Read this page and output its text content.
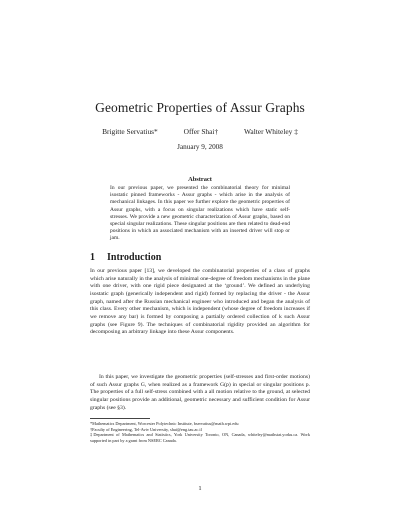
Geometric Properties of Assur Graphs
Brigitte Servatius*	Offer Shai†	Walter Whiteley ‡
January 9, 2008
Abstract
In our previous paper, we presented the combinatorial theory for minimal isostatic pinned frameworks - Assur graphs - which arise in the analysis of mechanical linkages. In this paper we further explore the geometric properties of Assur graphs, with a focus on singular realizations which have static self-stresses. We provide a new geometric characterization of Assur graphs, based on special singular realizations. These singular positions are then related to dead-end positions in which an associated mechanism with an inserted driver will stop or jam.
1 Introduction
In our previous paper [13], we developed the combinatorial properties of a class of graphs which arise naturally in the analysis of minimal one-degree of freedom mechanisms in the plane with one driver, with one rigid piece designated at the ‘ground’. We defined an underlying isostatic graph (generically independent and rigid) formed by replacing the driver - the Assur graph, named after the Russian mechanical engineer who introduced and began the analysis of this class. Every other mechanism, which is independent (whose degree of freedom increases if we remove any bar) is formed by composing a partially ordered collection of k such Assur graphs (see Figure 9). The techniques of combinatorial rigidity provided an algorithm for decomposing an arbitrary linkage into these Assur components.
In this paper, we investigate the geometric properties (self-stresses and first-order motions) of such Assur graphs G, when realized as a framework G(p) in special or singular positions p. The properties of a full self-stress combined with a all motion relative to the ground, at selected singular positions provide an additional, geometric necessary and sufficient condition for Assur graphs (see §3).
*Mathematics Department, Worcester Polytechnic Institute, bservatius@math.wpi.edu
†Faculty of Engineering, Tel-Aviv University, shai@eng.tau.ac.il
‡Department of Mathematics and Statistics, York University Toronto, ON, Canada, whiteley@mathstat.yorku.ca. Work supported in part by a grant from NSERC Canada.
1
